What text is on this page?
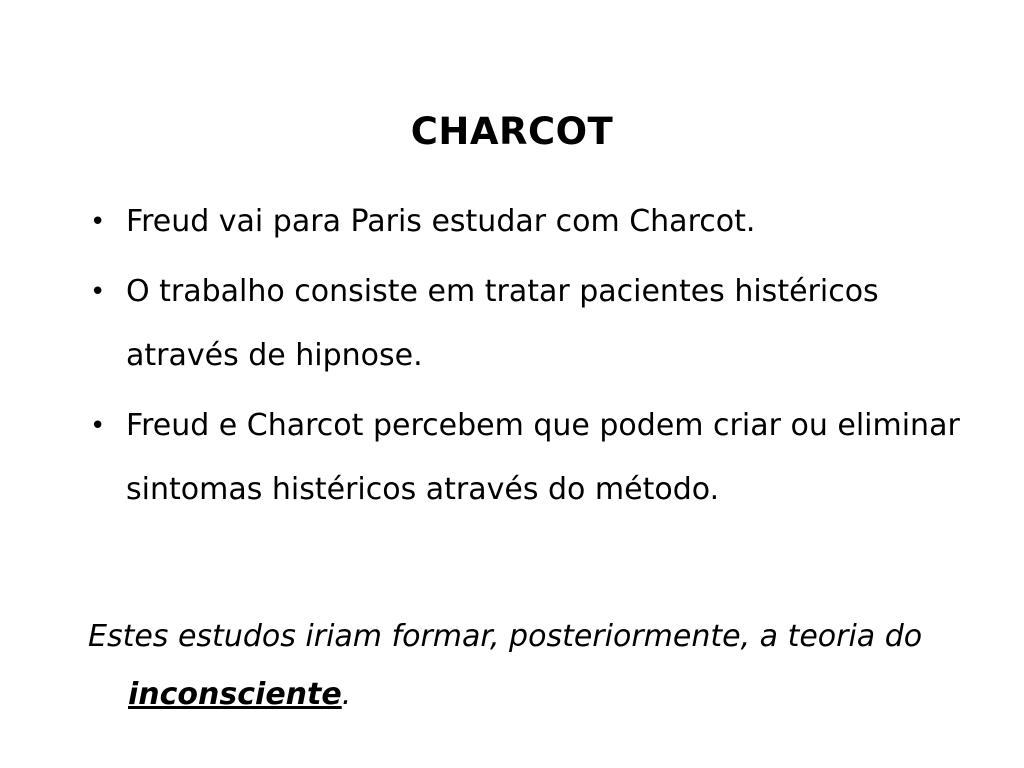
CHARCOT
• Freud vai para Paris estudar com Charcot.
• O trabalho consiste em tratar pacientes histéricos através de hipnose.
• Freud e Charcot percebem que podem criar ou eliminar sintomas histéricos através do método.
Estes estudos iriam formar, posteriormente, a teoria do inconsciente.
